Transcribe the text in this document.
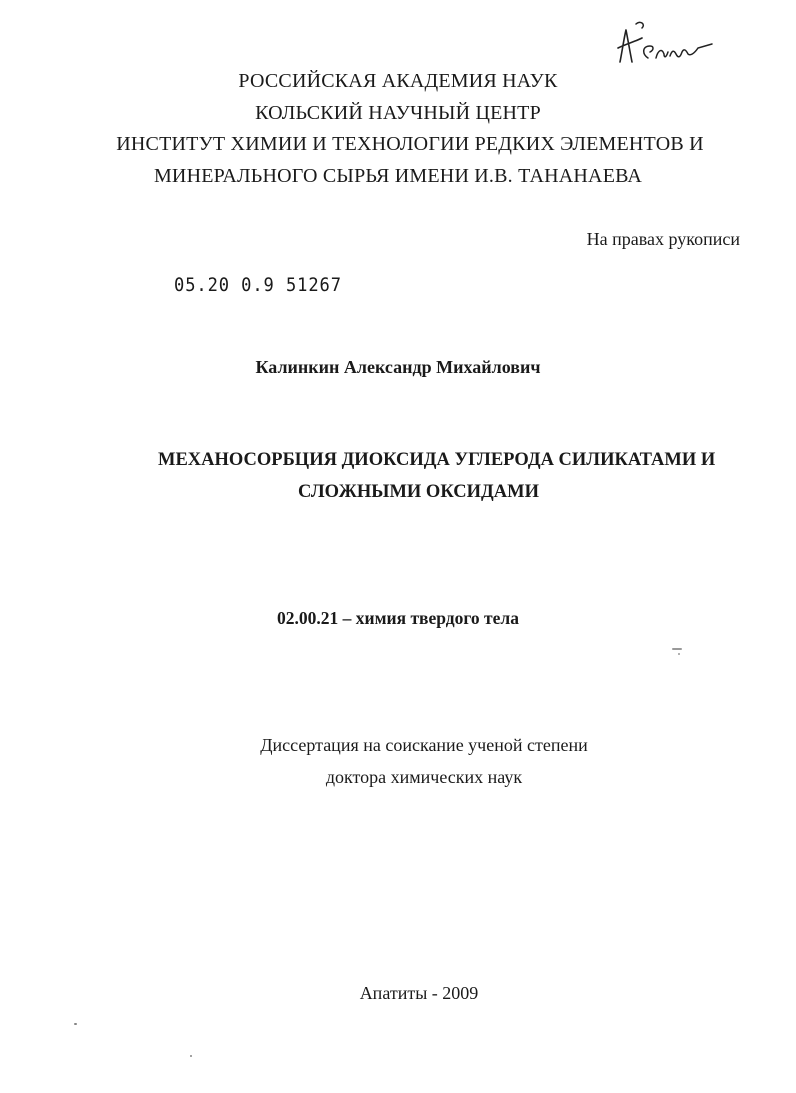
РОССИЙСКАЯ АКАДЕМИЯ НАУК
КОЛЬСКИЙ НАУЧНЫЙ ЦЕНТР
ИНСТИТУТ ХИМИИ И ТЕХНОЛОГИИ РЕДКИХ ЭЛЕМЕНТОВ И
МИНЕРАЛЬНОГО СЫРЬЯ ИМЕНИ И.В. ТАНАНАЕВА
На правах рукописи
05.20 0.9 51267
Калинкин Александр Михайлович
МЕХАНОСОРБЦИЯ ДИОКСИДА УГЛЕРОДА СИЛИКАТАМИ И
СЛОЖНЫМИ ОКСИДАМИ
02.00.21 – химия твердого тела
Диссертация на соискание ученой степени
доктора химических наук
Апатиты - 2009
